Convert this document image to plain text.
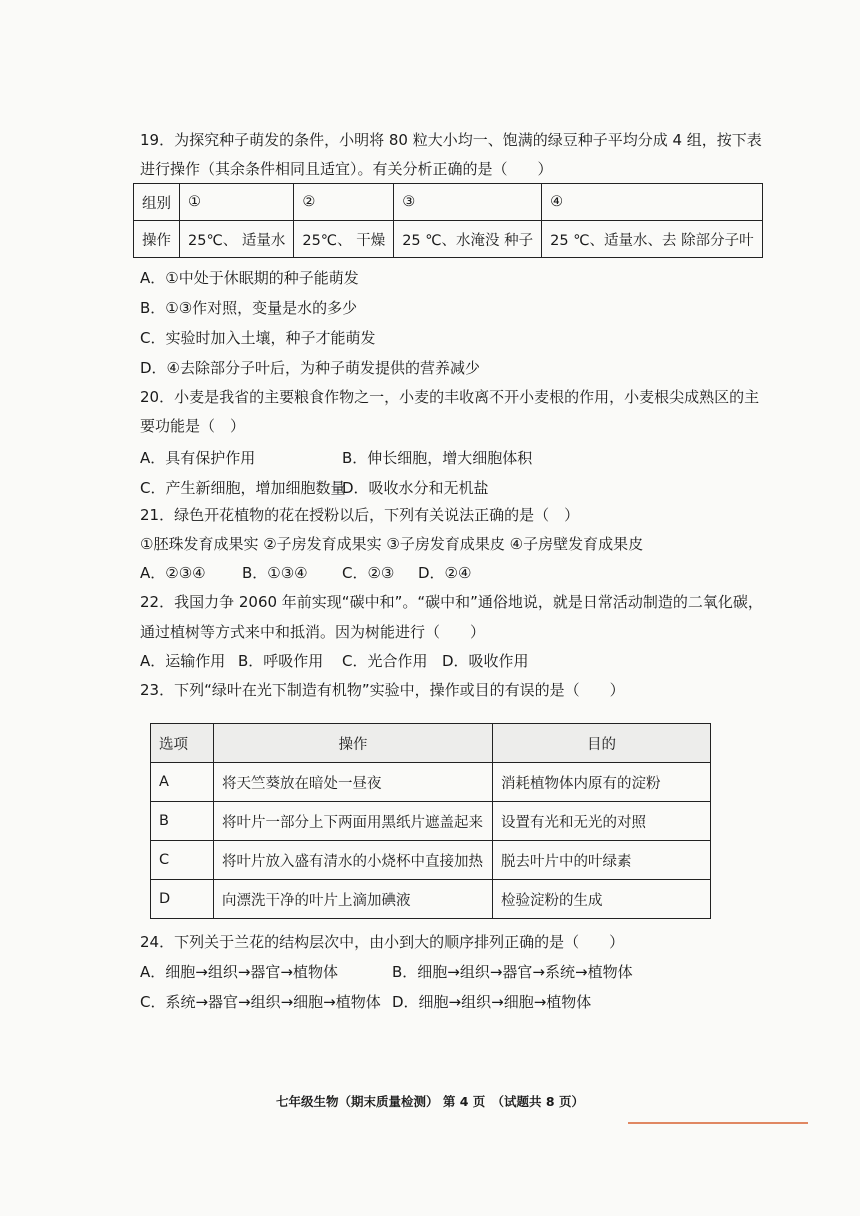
19．为探究种子萌发的条件，小明将 80 粒大小均一、饱满的绿豆种子平均分成 4 组，按下表
进行操作（其余条件相同且适宜）。有关分析正确的是（　　）
组别	①	②	③	④
操作	25℃、 适量水	25℃、 干燥	25 ℃、水淹没 种子	25 ℃、适量水、去 除部分子叶
A．①中处于休眠期的种子能萌发
B．①③作对照，变量是水的多少
C．实验时加入土壤，种子才能萌发
D．④去除部分子叶后，为种子萌发提供的营养减少
20．小麦是我省的主要粮食作物之一，小麦的丰收离不开小麦根的作用，小麦根尖成熟区的主
要功能是（　）
A．具有保护作用	B．伸长细胞，增大细胞体积
C．产生新细胞，增加细胞数量
D．吸收水分和无机盐
21．绿色开花植物的花在授粉以后，下列有关说法正确的是（　）
①胚珠发育成果实 ②子房发育成果实 ③子房发育成果皮 ④子房壁发育成果皮
A．②③④ B．①③④ C．②③ D．②④
22．我国力争 2060 年前实现“碳中和”。“碳中和”通俗地说，就是日常活动制造的二氧化碳，
通过植树等方式来中和抵消。因为树能进行（　　）
A．运输作用 B．呼吸作用 C．光合作用 D．吸收作用
23．下列“绿叶在光下制造有机物”实验中，操作或目的有误的是（　　）
选项	操作	目的
A	将天竺葵放在暗处一昼夜	消耗植物体内原有的淀粉
B	将叶片一部分上下两面用黑纸片遮盖起来	设置有光和无光的对照
C	将叶片放入盛有清水的小烧杯中直接加热	脱去叶片中的叶绿素
D	向漂洗干净的叶片上滴加碘液	检验淀粉的生成
24．下列关于兰花的结构层次中，由小到大的顺序排列正确的是（　　）
A．细胞→组织→器官→植物体	B．细胞→组织→器官→系统→植物体
C．系统→器官→组织→细胞→植物体 D．细胞→组织→细胞→植物体
七年级生物（期末质量检测） 第 4 页　（试题共 8 页）
